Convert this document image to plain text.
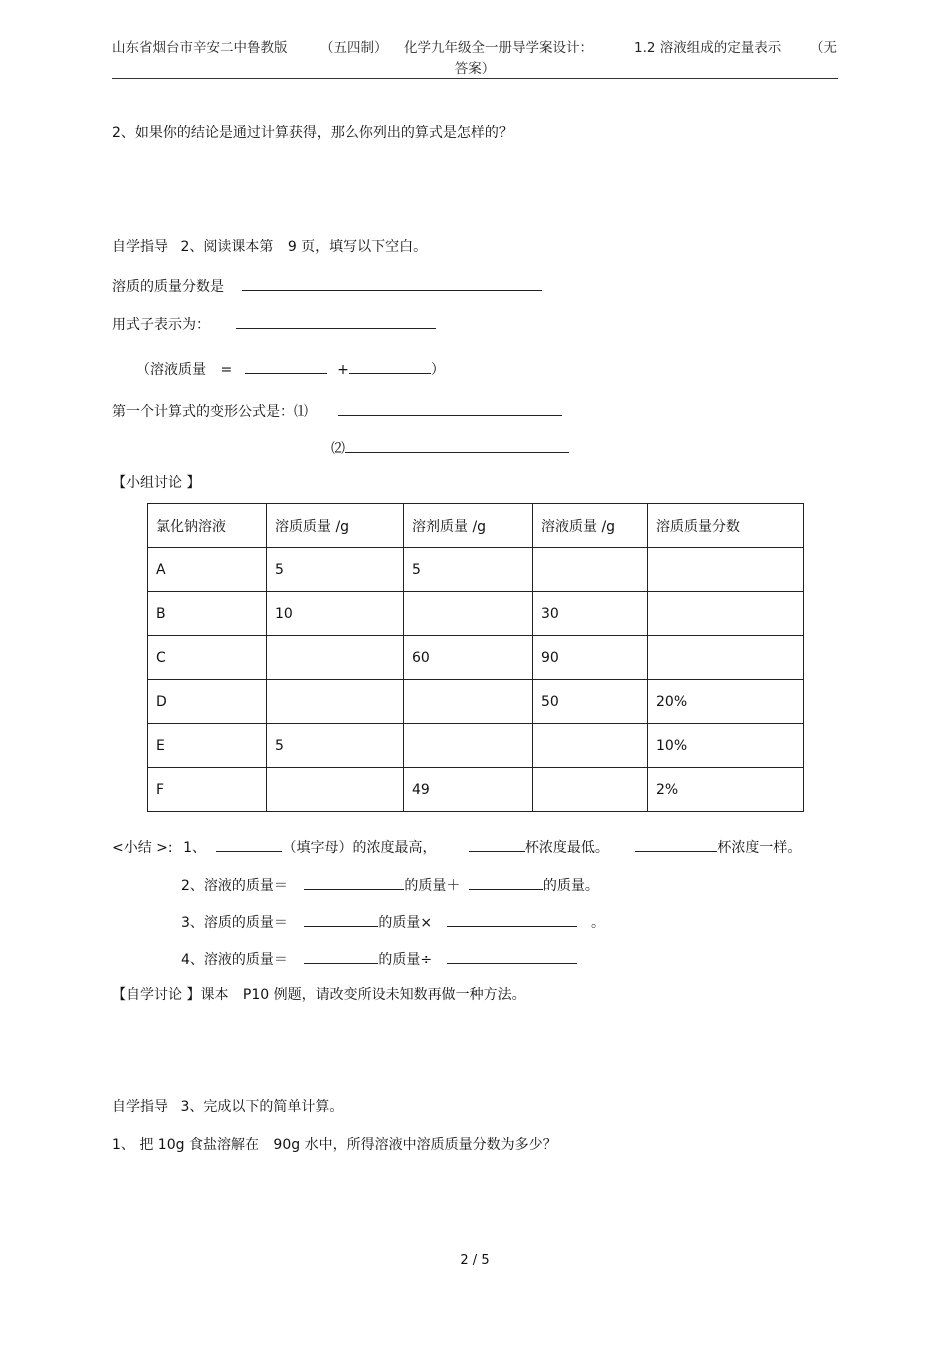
山东省烟台市辛安二中鲁教版 （五四制） 化学九年级全一册导学案设计：	1.2 溶液组成的定量表示 （无
答案）
2、如果你的结论是通过计算获得，那么你列出的算式是怎样的？
自学指导 2、阅读课本第 9 页，填写以下空白。
溶质的质量分数是
用式子表示为：
（溶液质量 =	+	）
第一个计算式的变形公式是：⑴
⑵
【小组讨论 】
氯化钠溶液	溶质质量 /g	溶剂质量 /g	溶液质量 /g	溶质质量分数
A	5	5		
B	10		30	
C		60	90	
D			50	20%
E	5			10%
F		49		2%
<小结 >: 1、	（填字母）的浓度最高，	杯浓度最低。	杯浓度一样。
2、溶液的质量＝	的质量＋	的质量。
3、溶质的质量＝	的质量×	。
4、溶液的质量＝	的质量÷
【自学讨论 】课本 P10 例题，请改变所设未知数再做一种方法。
自学指导 3、完成以下的简单计算。
1、 把 10g 食盐溶解在 90g 水中，所得溶液中溶质质量分数为多少？
2 / 5
